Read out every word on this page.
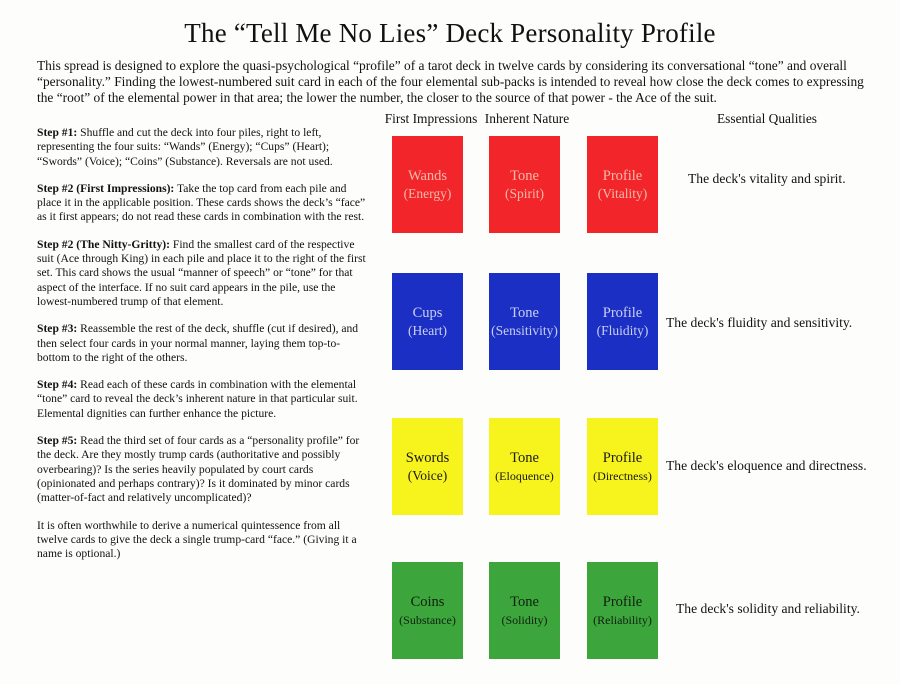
The “Tell Me No Lies” Deck Personality Profile
This spread is designed to explore the quasi-psychological “profile” of a tarot deck in twelve cards by considering its conversational “tone” and overall “personality.” Finding the lowest-numbered suit card in each of the four elemental sub-packs is intended to reveal how close the deck comes to expressing the “root” of the elemental power in that area; the lower the number, the closer to the source of that power - the Ace of the suit.

Step #1: Shuffle and cut the deck into four piles, right to left, representing the four suits: “Wands” (Energy); “Cups” (Heart); “Swords” (Voice); “Coins” (Substance). Reversals are not used.

Step #2 (First Impressions): Take the top card from each pile and place it in the applicable position. These cards shows the deck’s “face” as it first appears; do not read these cards in combination with the rest.

Step #2 (The Nitty-Gritty): Find the smallest card of the respective suit (Ace through King) in each pile and place it to the right of the first set. This card shows the usual “manner of speech” or “tone” for that aspect of the interface. If no suit card appears in the pile, use the lowest-numbered trump of that element.

Step #3: Reassemble the rest of the deck, shuffle (cut if desired), and then select four cards in your normal manner, laying them top-to-bottom to the right of the others.

Step #4: Read each of these cards in combination with the elemental “tone” card to reveal the deck’s inherent nature in that particular suit. Elemental dignities can further enhance the picture.

Step #5: Read the third set of four cards as a “personality profile” for the deck. Are they mostly trump cards (authoritative and possibly overbearing)? Is the series heavily populated by court cards (opinionated and perhaps contrary)? Is it dominated by minor cards (matter-of-fact and relatively uncomplicated)?

It is often worthwhile to derive a numerical quintessence from all twelve cards to give the deck a single trump-card “face.” (Giving it a name is optional.)

First Impressions Inherent Nature	Essential Qualities
Wands
(Energy)
Tone
(Spirit)
Profile
(Vitality)
The deck's vitality and spirit.
Cups
(Heart)
Tone
(Sensitivity)
Profile
(Fluidity) The deck's fluidity and sensitivity.
Swords
(Voice)
Tone
(Eloquence)
Profile
(Directness)
The deck's eloquence and directness.
Coins
(Substance)
Tone
(Solidity)
Profile
(Reliability)
The deck's solidity and reliability.
